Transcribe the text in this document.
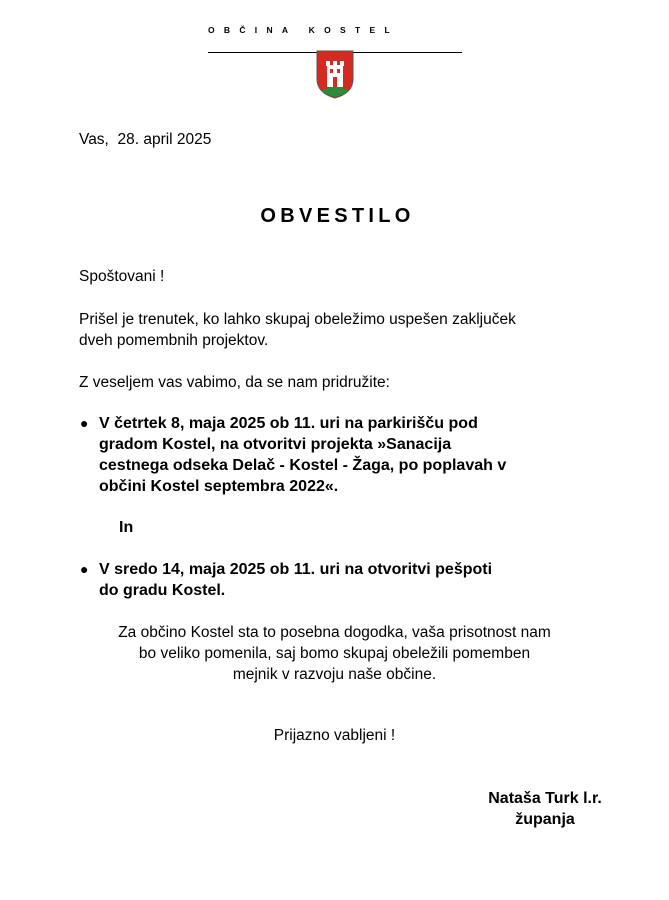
OBČINA KOSTEL
Vas,  28. april 2025
OBVESTILO

Spoštovani !

Prišel je trenutek, ko lahko skupaj obeležimo uspešen zaključek
dveh pomembnih projektov.

Z veseljem vas vabimo, da se nam pridružite:

● V četrtek 8, maja 2025 ob 11. uri na parkirišču pod
gradom Kostel, na otvoritvi projekta »Sanacija
cestnega odseka Delač - Kostel - Žaga, po poplavah v
občini Kostel septembra 2022«.
In
● V sredo 14, maja 2025 ob 11. uri na otvoritvi pešpoti
do gradu Kostel.
Za občino Kostel sta to posebna dogodka, vaša prisotnost nam
bo veliko pomenila, saj bomo skupaj obeležili pomemben
mejnik v razvoju naše občine.
Prijazno vabljeni !
Nataša Turk l.r.
županja
